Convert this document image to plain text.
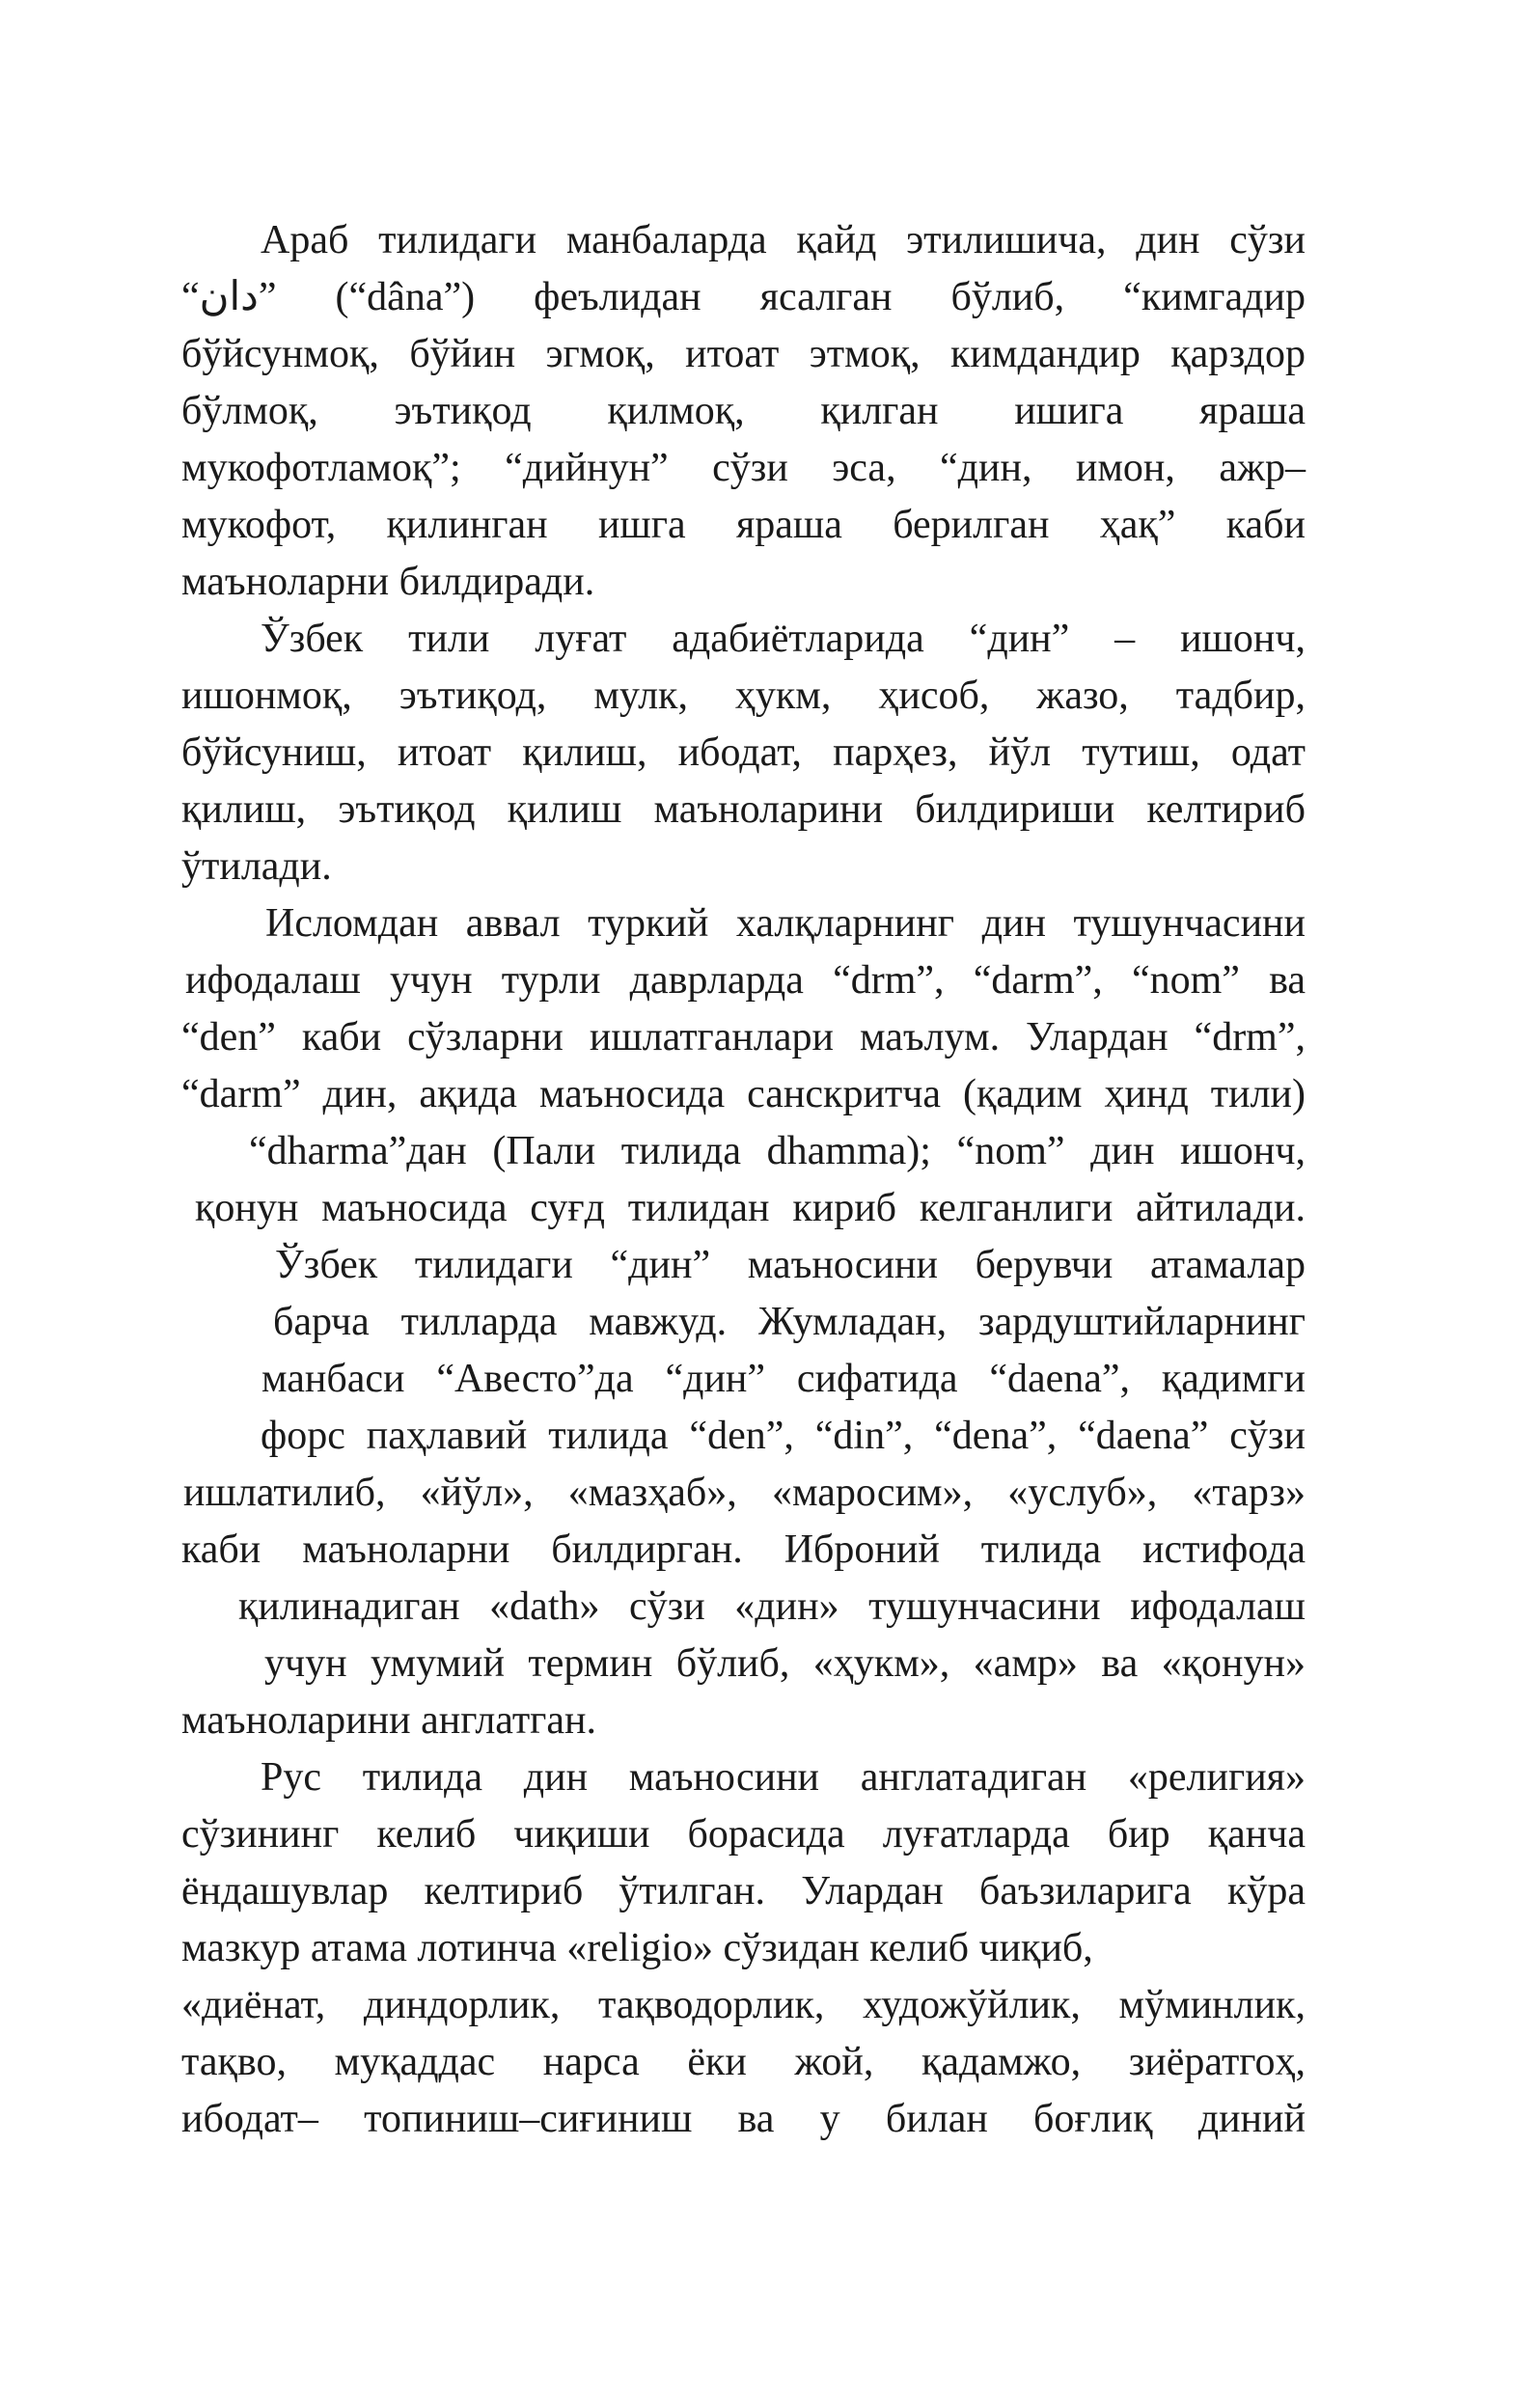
Араб тилидаги манбаларда қайд этилишича, дин сўзи
“دان” (“dâna”) феълидан ясалган бўлиб, “кимгадир
бўйсунмоқ, бўйин эгмоқ, итоат этмоқ, кимдандир қарздор
бўлмоқ, эътиқод қилмоқ, қилган ишига яраша
мукофотламоқ”; “дийнун” сўзи эса, “дин, имон, ажр–
мукофот, қилинган ишга яраша берилган ҳақ” каби
маъноларни билдиради.
Ўзбек тили луғат адабиётларида “дин” – ишонч,
ишонмоқ, эътиқод, мулк, ҳукм, ҳисоб, жазо, тадбир,
бўйсуниш, итоат қилиш, ибодат, парҳез, йўл тутиш, одат
қилиш, эътиқод қилиш маъноларини билдириши келтириб
ўтилади.
Исломдан аввал туркий халқларнинг дин тушунчасини
ифодалаш учун турли даврларда “drm”, “darm”, “nom” ва
“den” каби сўзларни ишлатганлари маълум. Улардан “drm”,
“darm” дин, ақида маъносида санскритча (қадим ҳинд тили)
“dharma”дан (Пали тилида dhamma); “nom” дин ишонч,
қонун маъносида суғд тилидан кириб келганлиги айтилади.
Ўзбек тилидаги “дин” маъносини берувчи атамалар
барча тилларда мавжуд. Жумладан, зардуштийларнинг
манбаси “Авесто”да “дин” сифатида “daena”, қадимги
форс паҳлавий тилида “den”, “din”, “dena”, “daena” сўзи
ишлатилиб, «йўл», «мазҳаб», «маросим», «услуб», «тарз»
каби маъноларни билдирган. Иброний тилида истифода
қилинадиган «dath» сўзи «дин» тушунчасини ифодалаш
учун умумий термин бўлиб, «ҳукм», «амр» ва «қонун»
маъноларини англатган.
Рус тилида дин маъносини англатадиган «религия»
сўзининг келиб чиқиши борасида луғатларда бир қанча
ёндашувлар келтириб ўтилган. Улардан баъзиларига кўра
мазкур атама лотинча «religio» сўзидан келиб чиқиб,
«диёнат, диндорлик, тақводорлик, художўйлик, мўминлик,
тақво, муқаддас нарса ёки жой, қадамжо, зиёратгоҳ,
ибодат– топиниш–сиғиниш ва у билан боғлиқ диний
